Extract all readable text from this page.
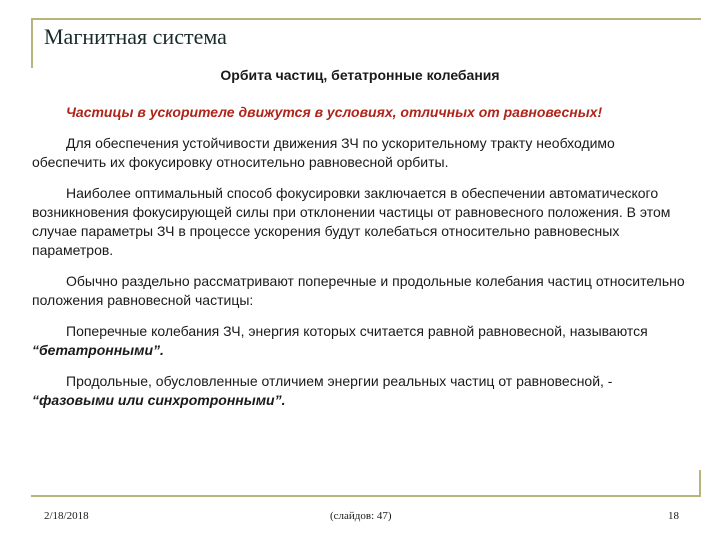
Магнитная система
Орбита частиц, бетатронные колебания

Частицы в ускорителе движутся в условиях, отличных от равновесных!

Для обеспечения устойчивости движения ЗЧ по ускорительному тракту необходимо обеспечить их фокусировку относительно равновесной орбиты.

Наиболее оптимальный способ фокусировки заключается в обеспечении автоматического возникновения фокусирующей силы при отклонении частицы от равновесного положения. В этом случае параметры ЗЧ в процессе ускорения будут колебаться относительно равновесных параметров.

Обычно раздельно рассматривают поперечные и продольные колебания частиц относительно положения равновесной частицы:

Поперечные колебания ЗЧ, энергия которых считается равной равновесной, называются “бетатронными”.

Продольные, обусловленные отличием энергии реальных частиц от равновесной, - “фазовыми или синхротронными”.

2/18/2018	(слайдов: 47)	18
